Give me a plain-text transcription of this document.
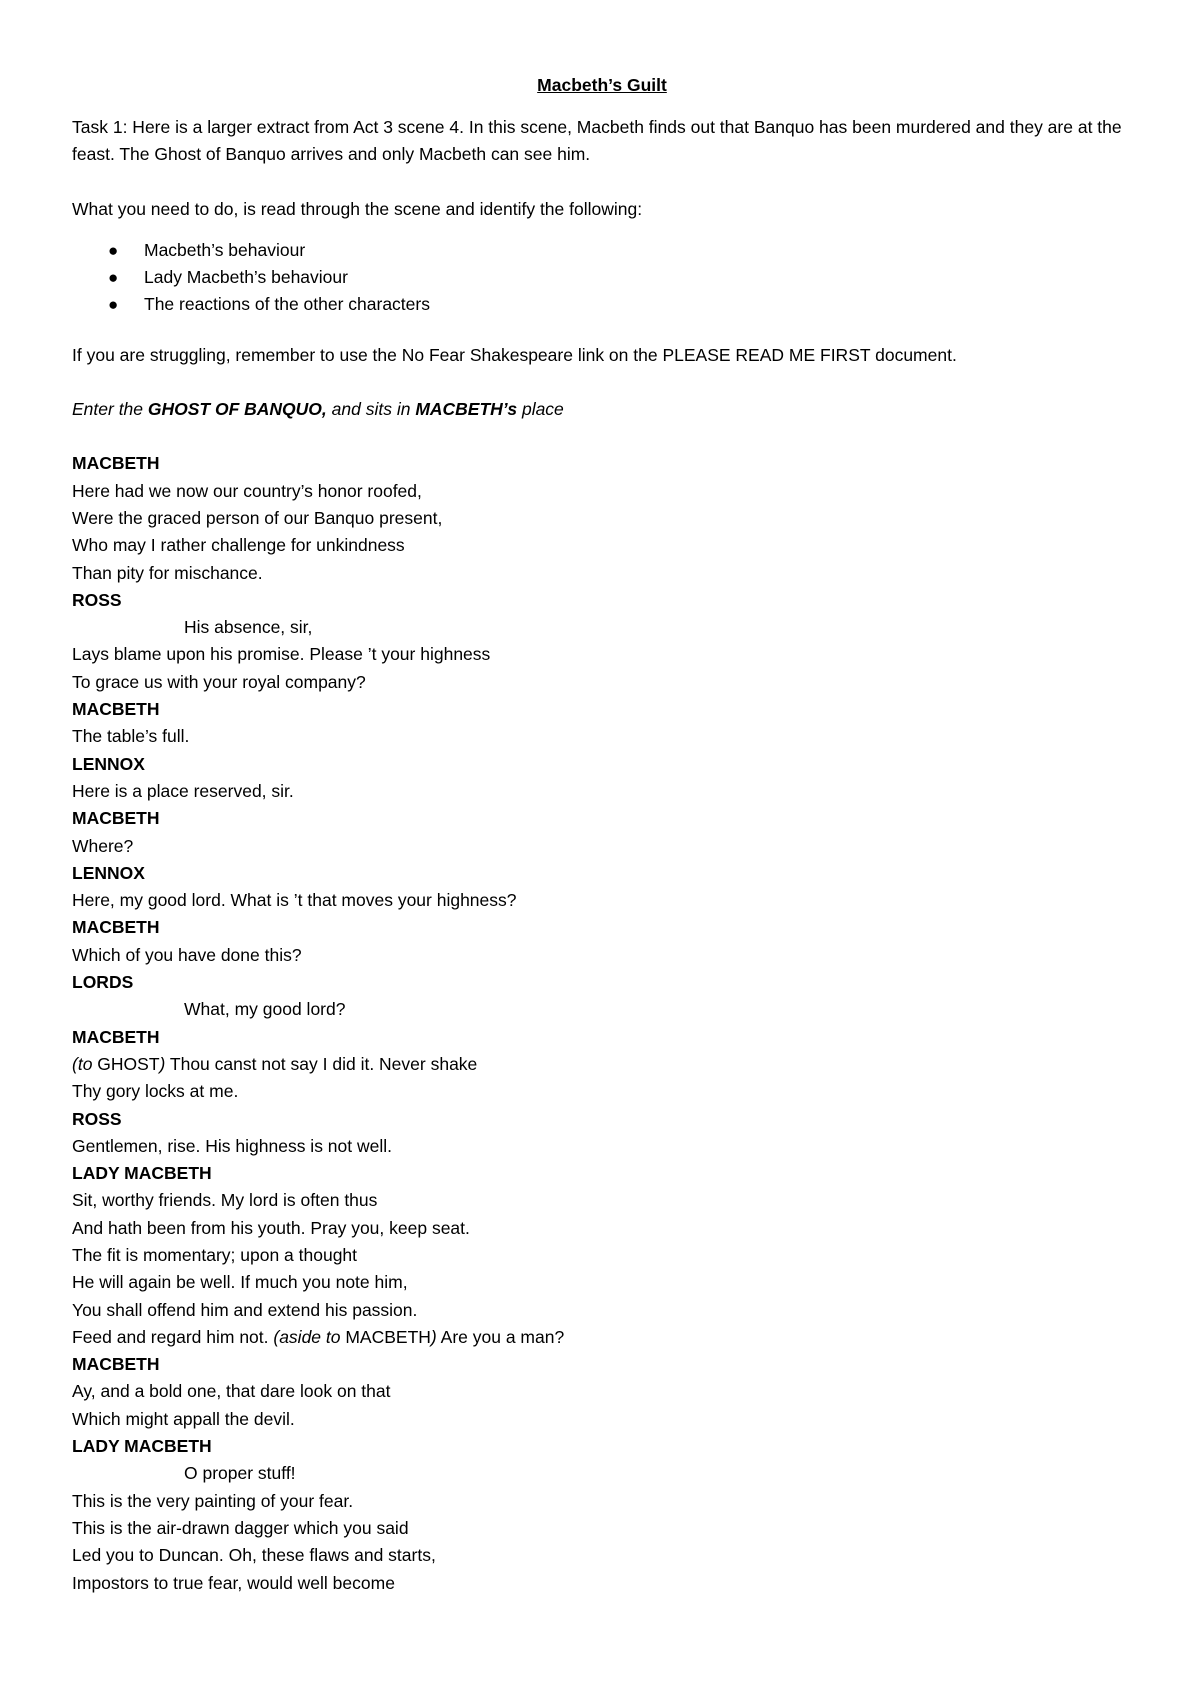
Macbeth’s Guilt
Task 1: Here is a larger extract from Act 3 scene 4. In this scene, Macbeth finds out that Banquo has been murdered and they are at the feast. The Ghost of Banquo arrives and only Macbeth can see him.
What you need to do, is read through the scene and identify the following:
● Macbeth’s behaviour
● Lady Macbeth’s behaviour
● The reactions of the other characters
If you are struggling, remember to use the No Fear Shakespeare link on the PLEASE READ ME FIRST document.
Enter the GHOST OF BANQUO, and sits in MACBETH’s place
MACBETH
Here had we now our country’s honor roofed,
Were the graced person of our Banquo present,
Who may I rather challenge for unkindness
Than pity for mischance.
ROSS
His absence, sir,
Lays blame upon his promise. Please ’t your highness
To grace us with your royal company?
MACBETH
The table’s full.
LENNOX
Here is a place reserved, sir.
MACBETH
Where?
LENNOX
Here, my good lord. What is ’t that moves your highness?
MACBETH
Which of you have done this?
LORDS
What, my good lord?
MACBETH
(to GHOST) Thou canst not say I did it. Never shake
Thy gory locks at me.
ROSS
Gentlemen, rise. His highness is not well.
LADY MACBETH
Sit, worthy friends. My lord is often thus
And hath been from his youth. Pray you, keep seat.
The fit is momentary; upon a thought
He will again be well. If much you note him,
You shall offend him and extend his passion.
Feed and regard him not. (aside to MACBETH) Are you a man?
MACBETH
Ay, and a bold one, that dare look on that
Which might appall the devil.
LADY MACBETH
O proper stuff!
This is the very painting of your fear.
This is the air-drawn dagger which you said
Led you to Duncan. Oh, these flaws and starts,
Impostors to true fear, would well become
